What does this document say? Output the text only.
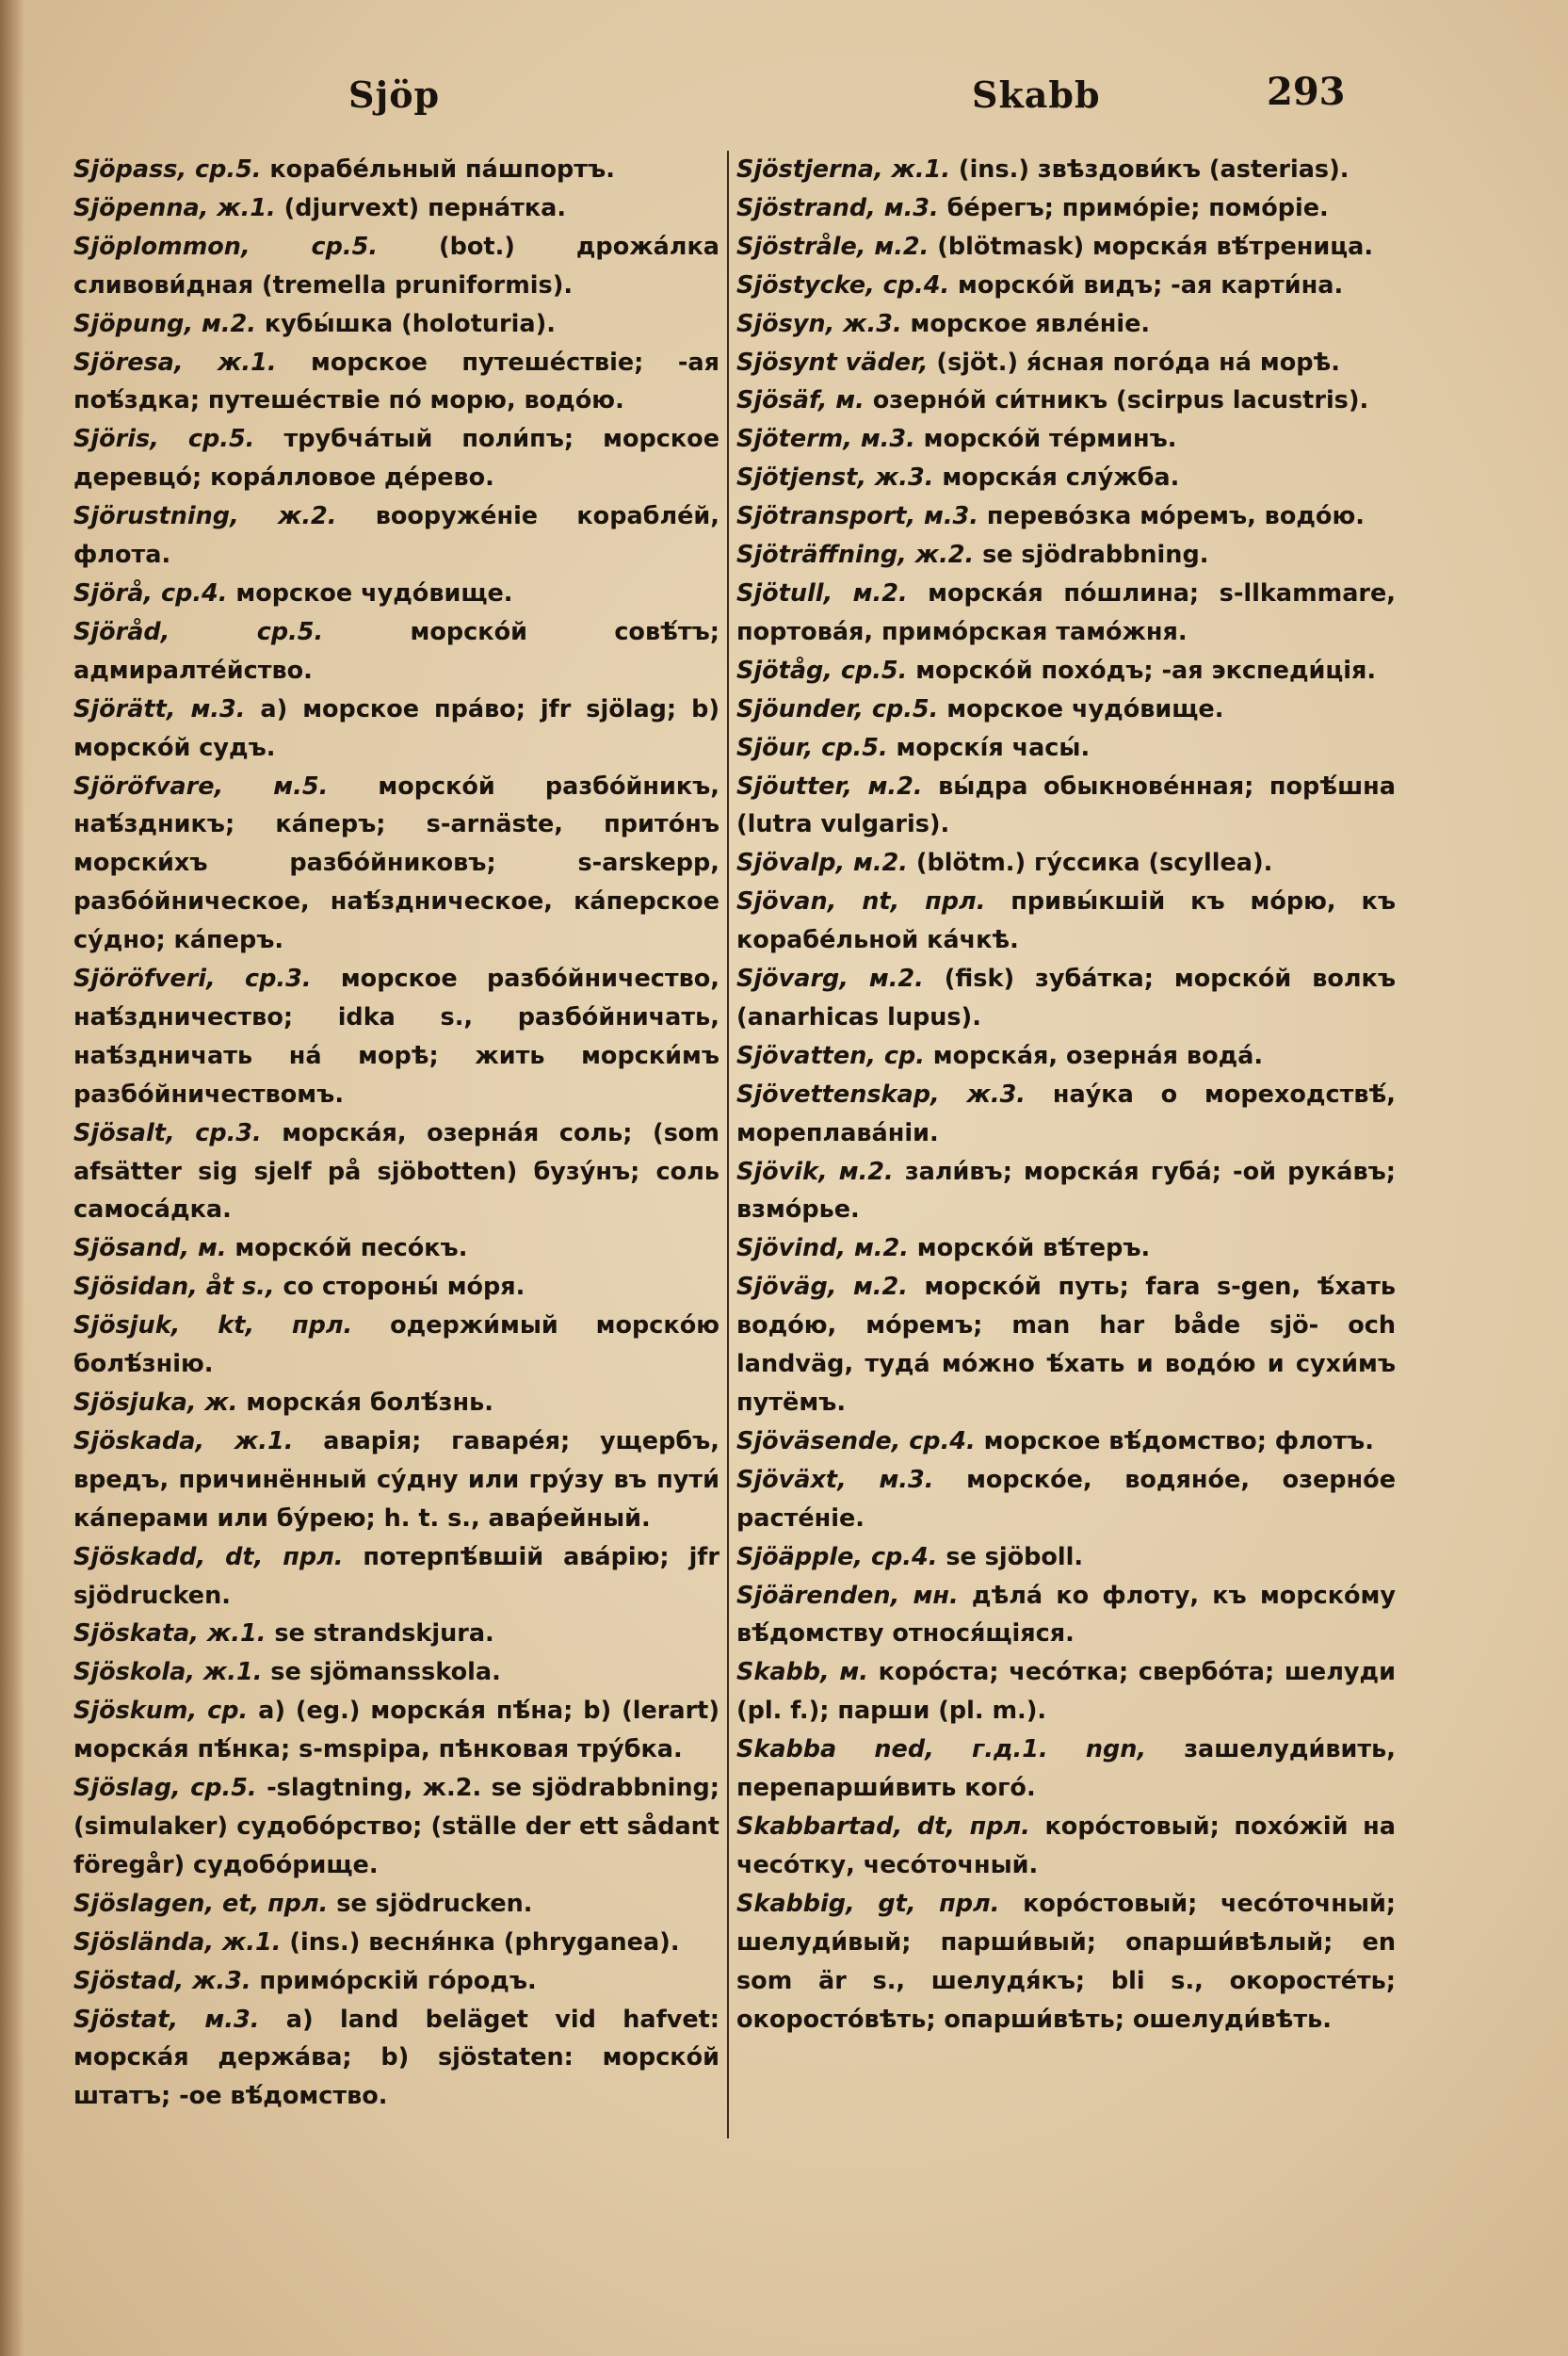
Sjöp	Skabb	293

Sjöpass, ср.5. корабе́льный па́шпортъ.

Sjöpenna, ж.1. (djurvext) перна́тка.

Sjöplommon, ср.5. (bot.) дрожа́лка сливови́дная (tremella pruniformis).

Sjöpung, м.2. кубы́шка (holoturia).

Sjöresa, ж.1. морское путеше́ствіе; -ая поѣ́здка; путеше́ствіе по́ морю, водо́ю.

Sjöris, ср.5. трубча́тый поли́пъ; морское деревцо́; кора́лловое де́рево.

Sjörustning, ж.2. вооруже́ніе корабле́й, флота.

Sjörå, ср.4. морское чудо́вище.

Sjöråd, ср.5. морско́й совѣ́тъ; адмиралте́йство.

Sjörätt, м.3. a) морское пра́во; jfr sjölag; b) морско́й судъ.

Sjöröfvare, м.5. морско́й разбо́йникъ, наѣ́здникъ; ка́перъ; s-arnäste, прито́нъ морски́хъ разбо́йниковъ; s-arskepp, разбо́йническое, наѣ́здническое, ка́перское су́дно; ка́перъ.

Sjöröfveri, ср.3. морское разбо́йничество, наѣ́здничество; idka s., разбо́йничать, наѣ́здничать на́ морѣ; жить морски́мъ разбо́йничествомъ.

Sjösalt, ср.3. морска́я, озерна́я соль; (som afsätter sig sjelf på sjöbotten) бузу́нъ; соль самоса́дка.

Sjösand, м. морско́й песо́къ.

Sjösidan, åt s., со стороны́ мо́ря.

Sjösjuk, kt, прл. одержи́мый морско́ю болѣ́знію.

Sjösjuka, ж. морска́я болѣ́знь.

Sjöskada, ж.1. аварія; гаваре́я; ущербъ, вредъ, причинённый су́дну или гру́зу въ пути́ ка́перами или бу́рею; h. t. s., авар́ейный.

Sjöskadd, dt, прл. потерпѣ́вшій ава́рію; jfr sjödrucken.

Sjöskata, ж.1. se strandskjura.

Sjöskola, ж.1. se sjömansskola.

Sjöskum, ср. a) (eg.) морска́я пѣ́на; b) (lerart) морска́я пѣ́нка; s-mspipa, пѣнковая тру́бка.

Sjöslag, ср.5. -slagtning, ж.2. se sjödrabbning; (simulaker) судобо́рство; (ställe der ett sådant föregår) судобо́рище.

Sjöslagen, et, прл. se sjödrucken.

Sjöslända, ж.1. (ins.) весня́нка (phryganea).

Sjöstad, ж.3. примо́рскій го́родъ.

Sjöstat, м.3. a) land beläget vid hafvet: морска́я держа́ва; b) sjöstaten: морско́й штатъ; -ое вѣ́домство.

Sjöstjerna, ж.1. (ins.) звѣздови́къ (asterias).

Sjöstrand, м.3. бе́регъ; примо́ріе; помо́ріе.

Sjöstråle, м.2. (blötmask) морска́я вѣ́треница.

Sjöstycke, ср.4. морско́й видъ; -ая карти́на.

Sjösyn, ж.3. морское явле́ніе.

Sjösynt väder, (sjöt.) я́сная пого́да на́ морѣ.

Sjösäf, м. озерно́й си́тникъ (scirpus lacustris).

Sjöterm, м.3. морско́й те́рминъ.

Sjötjenst, ж.3. морска́я слу́жба.

Sjötransport, м.3. перево́зка мо́ремъ, водо́ю.

Sjöträffning, ж.2. se sjödrabbning.

Sjötull, м.2. морска́я по́шлина; s-llkammare, портова́я, примо́рская тамо́жня.

Sjötåg, ср.5. морско́й похо́дъ; -ая экспеди́ція.

Sjöunder, ср.5. морское чудо́вище.

Sjöur, ср.5. морскі́я часы́.

Sjöutter, м.2. вы́дра обыкнове́нная; порѣ́шна (lutra vulgaris).

Sjövalp, м.2. (blötm.) гу́ссика (scyllea).

Sjövan, nt, прл. привы́кшій къ мо́рю, къ корабе́льной ка́чкѣ.

Sjövarg, м.2. (fisk) зуба́тка; морско́й волкъ (anarhicas lupus).

Sjövatten, ср. морска́я, озерна́я вода́.

Sjövettenskap, ж.3. нау́ка о мореходствѣ́, мореплава́ніи.

Sjövik, м.2. зали́въ; морска́я губа́; -ой рука́въ; взмо́рье.

Sjövind, м.2. морско́й вѣ́теръ.

Sjöväg, м.2. морско́й путь; fara s-gen, ѣ́хать водо́ю, мо́ремъ; man har både sjö- och landväg, туда́ мо́жно ѣ́хать и водо́ю и сухи́мъ путёмъ.

Sjöväsende, ср.4. морское вѣ́домство; флотъ.

Sjöväxt, м.3. морско́е, водяно́е, озерно́е расте́ніе.

Sjöäpple, ср.4. se sjöboll.

Sjöärenden, мн. дѣла́ ко флоту, къ морско́му вѣ́домству относя́щіяся.

Skabb, м. коро́ста; чесо́тка; свербо́та; шелуди (pl. f.); парши (pl. m.).

Skabba ned, г.д.1. ngn, зашелуди́вить, перепарши́вить кого́.

Skabbartad, dt, прл. коро́стовый; похо́жій на чесо́тку, чесо́точный.

Skabbig, gt, прл. коро́стовый; чесо́точный; шелуди́вый; парши́вый; опарши́вѣлый; en som är s., шелудя́къ; bli s., окоросте́ть; окоросто́вѣть; опарши́вѣть; ошелуди́вѣть.
